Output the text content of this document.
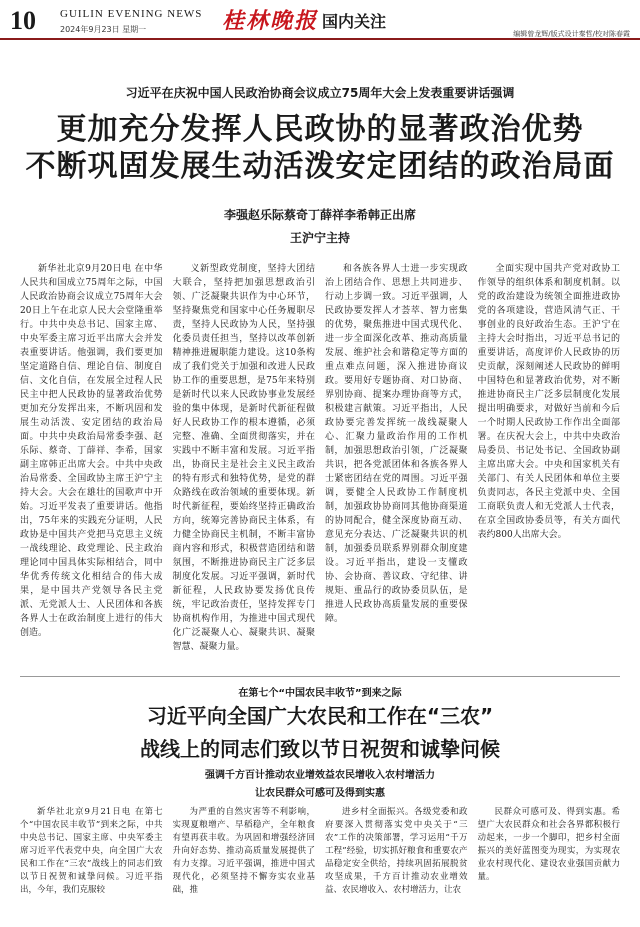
10 GUILIN EVENING NEWS
2024年9月23日 星期一	桂林晚报 国内关注
编辑曾龙辉/版式设计秦哲/校对陈春霞
习近平在庆祝中国人民政治协商会议成立75周年大会上发表重要讲话强调
更加充分发挥人民政协的显著政治优势
不断巩固发展生动活泼安定团结的政治局面
李强赵乐际蔡奇丁薛祥李希韩正出席
王沪宁主持
新华社北京9月20日电 在中华人民共和国成立75周年之际，中国人民政治协商会议成立75周年大会20日上午在北京人民大会堂隆重举行。中共中央总书记、国家主席、中央军委主席习近平出席大会并发表重要讲话。他强调，我们要更加坚定道路自信、理论自信、制度自信、文化自信，在发展全过程人民民主中把人民政协的显著政治优势更加充分发挥出来，不断巩固和发展生动活泼、安定团结的政治局面。中共中央政治局常委李强、赵乐际、蔡奇、丁薛祥、李希，国家副主席韩正出席大会。中共中央政治局常委、全国政协主席王沪宁主持大会。大会在雄壮的国歌声中开始。习近平发表了重要讲话。他指出，75年来的实践充分证明，人民政协是中国共产党把马克思主义统一战线理论、政党理论、民主政治理论同中国具体实际相结合，同中华优秀传统文化相结合的伟大成果，是中国共产党领导各民主党派、无党派人士、人民团体和各族各界人士在政治制度上进行的伟大创造。
义新型政党制度，坚持大团结大联合，坚持把加强思想政治引领、广泛凝聚共识作为中心环节，坚持聚焦党和国家中心任务履职尽责，坚持人民政协为人民，坚持强化委员责任担当，坚持以改革创新精神推进履职能力建设。这10条构成了我们党关于加强和改进人民政协工作的重要思想，是75年来特别是新时代以来人民政协事业发展经验的集中体现，是新时代新征程做好人民政协工作的根本遵循，必须完整、准确、全面贯彻落实，并在实践中不断丰富和发展。习近平指出，协商民主是社会主义民主政治的特有形式和独特优势，是党的群众路线在政治领域的重要体现。新时代新征程，要始终坚持正确政治方向，统筹完善协商民主体系，有力健全协商民主机制，不断丰富协商内容和形式，积极营造团结和谐氛围，不断推进协商民主广泛多层制度化发展。习近平强调，新时代新征程，人民政协要发扬优良传统，牢记政治责任，坚持发挥专门协商机构作用，为推进中国式现代化广泛凝聚人心、凝聚共识、凝聚智慧、凝聚力量。
和各族各界人士进一步实现政治上团结合作、思想上共同进步、行动上步调一致。习近平强调，人民政协要发挥人才荟萃、智力密集的优势，聚焦推进中国式现代化、进一步全面深化改革、推动高质量发展、维护社会和谐稳定等方面的重点难点问题，深入推进协商议政。要用好专题协商、对口协商、界别协商、提案办理协商等方式，积极建言献策。习近平指出，人民政协要完善发挥统一战线凝聚人心、汇聚力量政治作用的工作机制，加强思想政治引领，广泛凝聚共识，把各党派团体和各族各界人士紧密团结在党的周围。习近平强调，要健全人民政协工作制度机制，加强政协协商同其他协商渠道的协同配合，健全深度协商互动、意见充分表达、广泛凝聚共识的机制，加强委员联系界别群众制度建设。习近平指出，建设一支懂政协、会协商、善议政、守纪律、讲规矩、重品行的政协委员队伍，是推进人民政协高质量发展的重要保障。
全面实现中国共产党对政协工作领导的组织体系和制度机制。以党的政治建设为统领全面推进政协党的各项建设，营造风清气正、干事创业的良好政治生态。王沪宁在主持大会时指出，习近平总书记的重要讲话，高度评价人民政协的历史贡献，深刻阐述人民政协的鲜明中国特色和显著政治优势，对不断推进协商民主广泛多层制度化发展提出明确要求，对做好当前和今后一个时期人民政协工作作出全面部署。在庆祝大会上，中共中央政治局委员、书记处书记、全国政协副主席出席大会。中央和国家机关有关部门、有关人民团体和单位主要负责同志，各民主党派中央、全国工商联负责人和无党派人士代表，在京全国政协委员等，有关方面代表约800人出席大会。
在第七个“中国农民丰收节”到来之际
习近平向全国广大农民和工作在“三农”
战线上的同志们致以节日祝贺和诚挚问候
强调千方百计推动农业增效益农民增收入农村增活力
让农民群众可感可及得到实惠
新华社北京9月21日电 在第七个“中国农民丰收节”到来之际，中共中央总书记、国家主席、中央军委主席习近平代表党中央，向全国广大农民和工作在“三农”战线上的同志们致以节日祝贺和诚挚问候。习近平指出，今年，我们克服较
为严重的自然灾害等不利影响，实现夏粮增产、早稻稳产，全年粮食有望再获丰收。为巩固和增强经济回升向好态势、推动高质量发展提供了有力支撑。习近平强调，推进中国式现代化，必须坚持不懈夯实农业基础，推
进乡村全面振兴。各级党委和政府要深入贯彻落实党中央关于“三农”工作的决策部署，学习运用“千万工程”经验，切实抓好粮食和重要农产品稳定安全供给，持续巩固拓展脱贫攻坚成果，千方百计推动农业增效益、农民增收入、农村增活力，让农
民群众可感可及、得到实惠。希望广大农民群众和社会各界都积极行动起来，一步一个脚印，把乡村全面振兴的美好蓝图变为现实，为实现农业农村现代化、建设农业强国贡献力量。
